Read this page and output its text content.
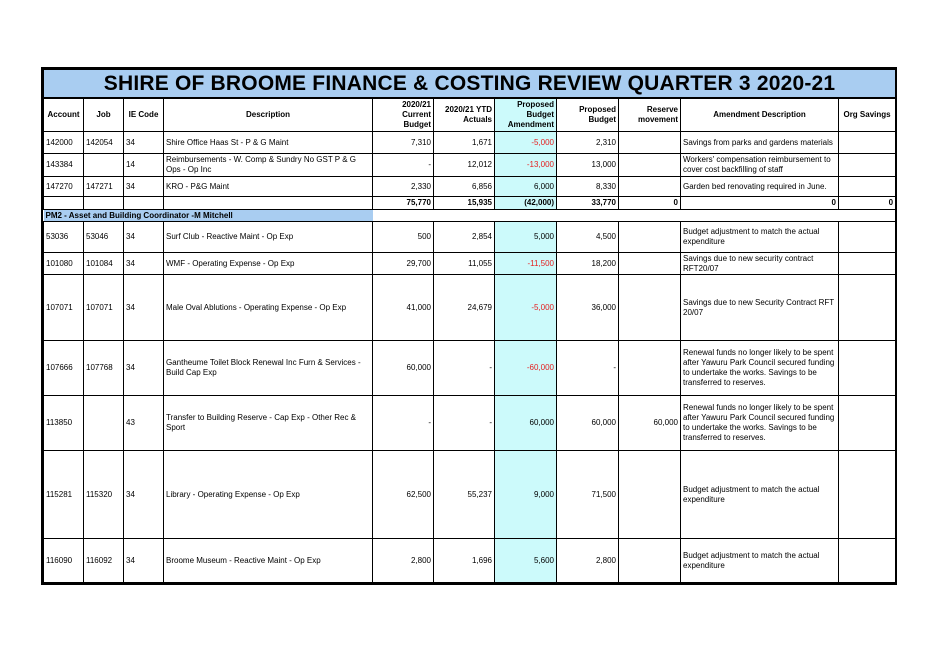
SHIRE OF BROOME FINANCE & COSTING REVIEW QUARTER 3 2020-21										
Account	Job	IE Code	Description	2020/21 Current Budget	2020/21 YTD Actuals	Proposed Budget Amendment	Proposed Budget	Reserve movement	Amendment Description	Org Savings
142000	142054	34	Shire Office Haas St - P & G Maint	7,310	1,671	-5,000	2,310		Savings from parks and gardens materials	
143384		14	Reimbursements - W. Comp & Sundry No GST P & G Ops - Op Inc	-	12,012	-13,000	13,000		Workers' compensation reimbursement to cover cost backfilling of staff	
147270	147271	34	KRO - P&G Maint	2,330	6,856	6,000	8,330		Garden bed renovating required in June.	
				75,770	15,935	(42,000)	33,770	0	0	0
PM2 - Asset and Building Coordinator -M Mitchell										
53036	53046	34	Surf Club - Reactive Maint - Op Exp	500	2,854	5,000	4,500		Budget adjustment to match the actual expenditure	
101080	101084	34	WMF - Operating Expense - Op Exp	29,700	11,055	-11,500	18,200		Savings due to new security contract RFT20/07	
107071	107071	34	Male Oval Ablutions - Operating Expense - Op Exp	41,000	24,679	-5,000	36,000		Savings due to new Security Contract RFT 20/07	
107666	107768	34	Gantheume Toilet Block Renewal Inc Furn & Services - Build Cap Exp	60,000	-	-60,000	-		Renewal funds no longer likely to be spent after Yawuru Park Council secured funding to undertake the works. Savings to be transferred to reserves.	
113850		43	Transfer to Building Reserve - Cap Exp - Other Rec & Sport	-	-	60,000	60,000	60,000	Renewal funds no longer likely to be spent after Yawuru Park Council secured funding to undertake the works. Savings to be transferred to reserves.	
115281	115320	34	Library - Operating Expense - Op Exp	62,500	55,237	9,000	71,500		Budget adjustment to match the actual expenditure	
116090	116092	34	Broome Museum - Reactive Maint - Op Exp	2,800	1,696	5,600	2,800		Budget adjustment to match the actual expenditure	
